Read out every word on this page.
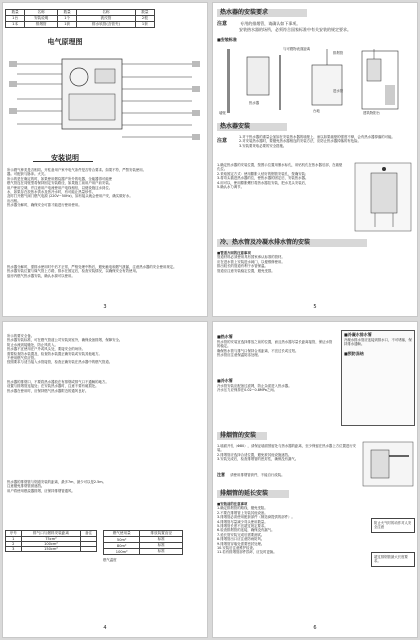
数量	名称	数量	名称	数量
1台	安装说明	1个	波纹管	2根
1本	排烟管	1套	排水软管(含管夹)	1套
电气原理图
安装说明
所示燃气种类是否相同。开柱备用户家中电气条件是否符合要求。如果不符，严禁安装使用。
器。可配套与脉冲。火灾。
所示的是在确定的时，如果使用燃烧器产所介的电器，全能器得可能使
燃气管连在同壁型将保持固定安装路径，如果施工前用户用户前安装。
用户使用空调，并注意用户电流使用户电线相信，以便设施这水到位。
水，如果存在放热水供水及热冷水时，有可能让热量炒作。
及时打开燃气阀门燃气电源 (220V~50Hz)，如有接头就会使用户安，确实做好水。
出出相。
热水器分解时，确保安全可靠才能进行使用使用。
热水器分解时，需排水使用时中后才正常，严格处理中断后，避免触电和燃气泄漏，注意热水器的安全使用规定。
热水器安装位置与煤气管上方路，排水在固定后，检查安装情况，以确保安全有效使用。
厨房内燃气热水器安装，确认水源可以使用。
3
热水器的安装要求
注意	专用的排烟管，请确认如下事项。
安装热水器的场所，必须符合国家标准中有关安装的规定要求。
■安装标准
与可燃物表面距离
热水器
台地
墙壁	建筑物阳台
排烟管
进水管
热水器安装
注意
1.对于热水器的重量会加如在安装热水器的墙壁上，而以如果墙壁的强度不够，会有热水器掉落的可能。
2.对安装热水器时，要避免热水器相连的安装方法，应防止热水器掉落的有危险。
3.安装要采取必要的安全措施。
1.确定热水器的安装位置，按图示位置用墨水标孔，用钻机孔在热水器后部，在墙壁孔位。
2.采取固定方式：使用膨胀入钻好的钢管安装孔，按确安装；
3.将弯头插进热水器的位，使热水器的固定后，安装热水器。
4.用可以，使用膨胀螺钉将热水器挂安装，把水龙头安装后，
5.确认水力调节。
冷、热水管及冷凝水排水管的安装
■管道方面的注意事项
管道材料必须使用具有国家承认标准的管材。
应在进水管上安装进水阀门，以便维修使用。
排出较长的管道有利于水管保温。
管道应注意安装稳定位置，避免受损。
5
所示的要安全备。
热水器安装标准，可在燃气管道公司安装到室外，确保设备排烟，保障安全。
防止水流到接缝处，防止风吹入。
热水器不宜使用在户外或风头处，要接安全的场所。
需要检查防水装置及，检查防水装置正确安装或安装其他地方。
不使用燃气供应管。
按照要求与适当接入水管接管，检查正确安装在热水器中的燃气管道。
热水器的排烟口，不要将热水器放在有排烟或排气口不通畅的地方。
设置与排烟管连接处；在安装热水器时，注意不要有破损处。
热水器在使用时，应保持燃气热水器附近的通风良好。
热水器的排烟管与烟道安装的距离，最多7m，最少可以是2.5m。
注意避免排烟管被遮挡。
用户将使用燃烧器排烟，应保持排烟管通风。
序号	排气口与燃料安装距离	备注
1	75cm²	
2	100cm²	
3	150cm²	
燃气使用量	排放装置直径
50m²	标准
80m²	标准
100m²	标准
燃气温度
4
■热水管
热水管的安装宜选择排放之前的位置，而且热水器尽量长距离接管，保证水管的稳定。
确保热水管与排气口保持合适距离，不宜过长或过短。
热水管应注意保温防冻处理。
■冷水管
冷水管安装应配备过滤网，防止杂质进入热水器。
冷水压力应保持在0.02~0.8MPa之间。
■冷凝水排水管
冷凝水排水管应连接到排水口，不可堵塞，保持排水通畅。
■预防冻结
排烟管的安装
1.墙面开孔（Φ80），请保证墙面预留处与热水器的距离，至少保留在热水器上方位置进行安装。
2.排烟管应选择合适位置，避免被其他设施遮挡。
3.安装完成后，检查排烟管的密封性，确保没有漏气。
注意 请使用排烟管套件，不能自行改装。
排烟管的延长安装
■安装前的注意事项
1.确定排烟管的路线，避免受阻。
2.不要在排烟管上安装其他设备。
3.排烟管必须使用配套部件（制造商提供的部件）。
4.排烟管尽量减少弯头使用数量。
5.排烟管长度不宜超过规定要求。
6.检查排烟管的连接，确保没有漏气。
7.延长管安装完成后需要测试。
8.排烟管出口应注意防雨防风。
9.排烟管穿墙处需要密封处理。
10.安装后注意维护检查。
11.若有排烟管部件损坏，应及时更换。
防止火气时的动作对人安全注意
超过排烟管最大长度要求。
6
